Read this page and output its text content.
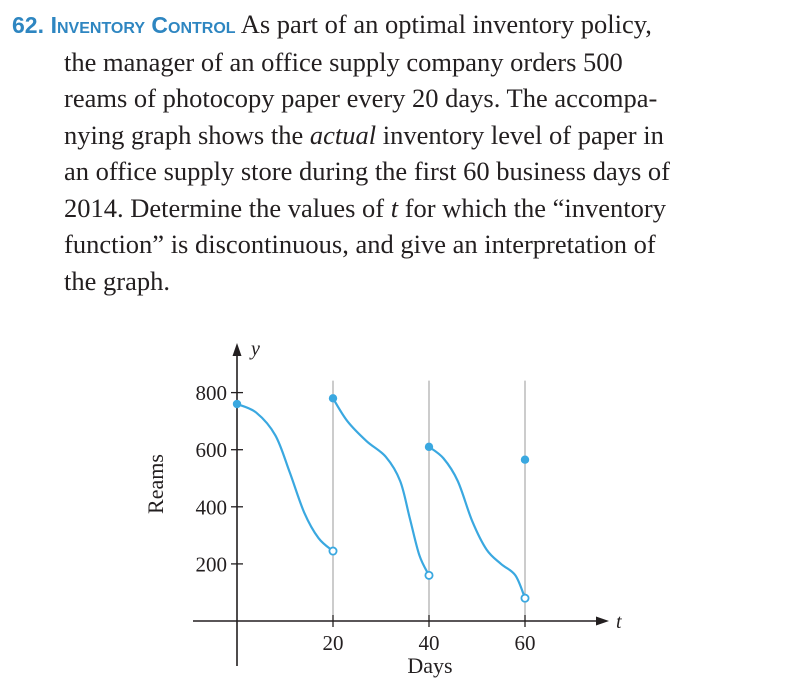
62. Inventory Control As part of an optimal inventory policy,
the manager of an office supply company orders 500
reams of photocopy paper every 20 days. The accompa-
nying graph shows the actual inventory level of paper in
an office supply store during the first 60 business days of
2014. Determine the values of t for which the “inventory
function” is discontinuous, and give an interpretation of
the graph.
200
400
600
800
20	40	60
y
t
Reams
Days
